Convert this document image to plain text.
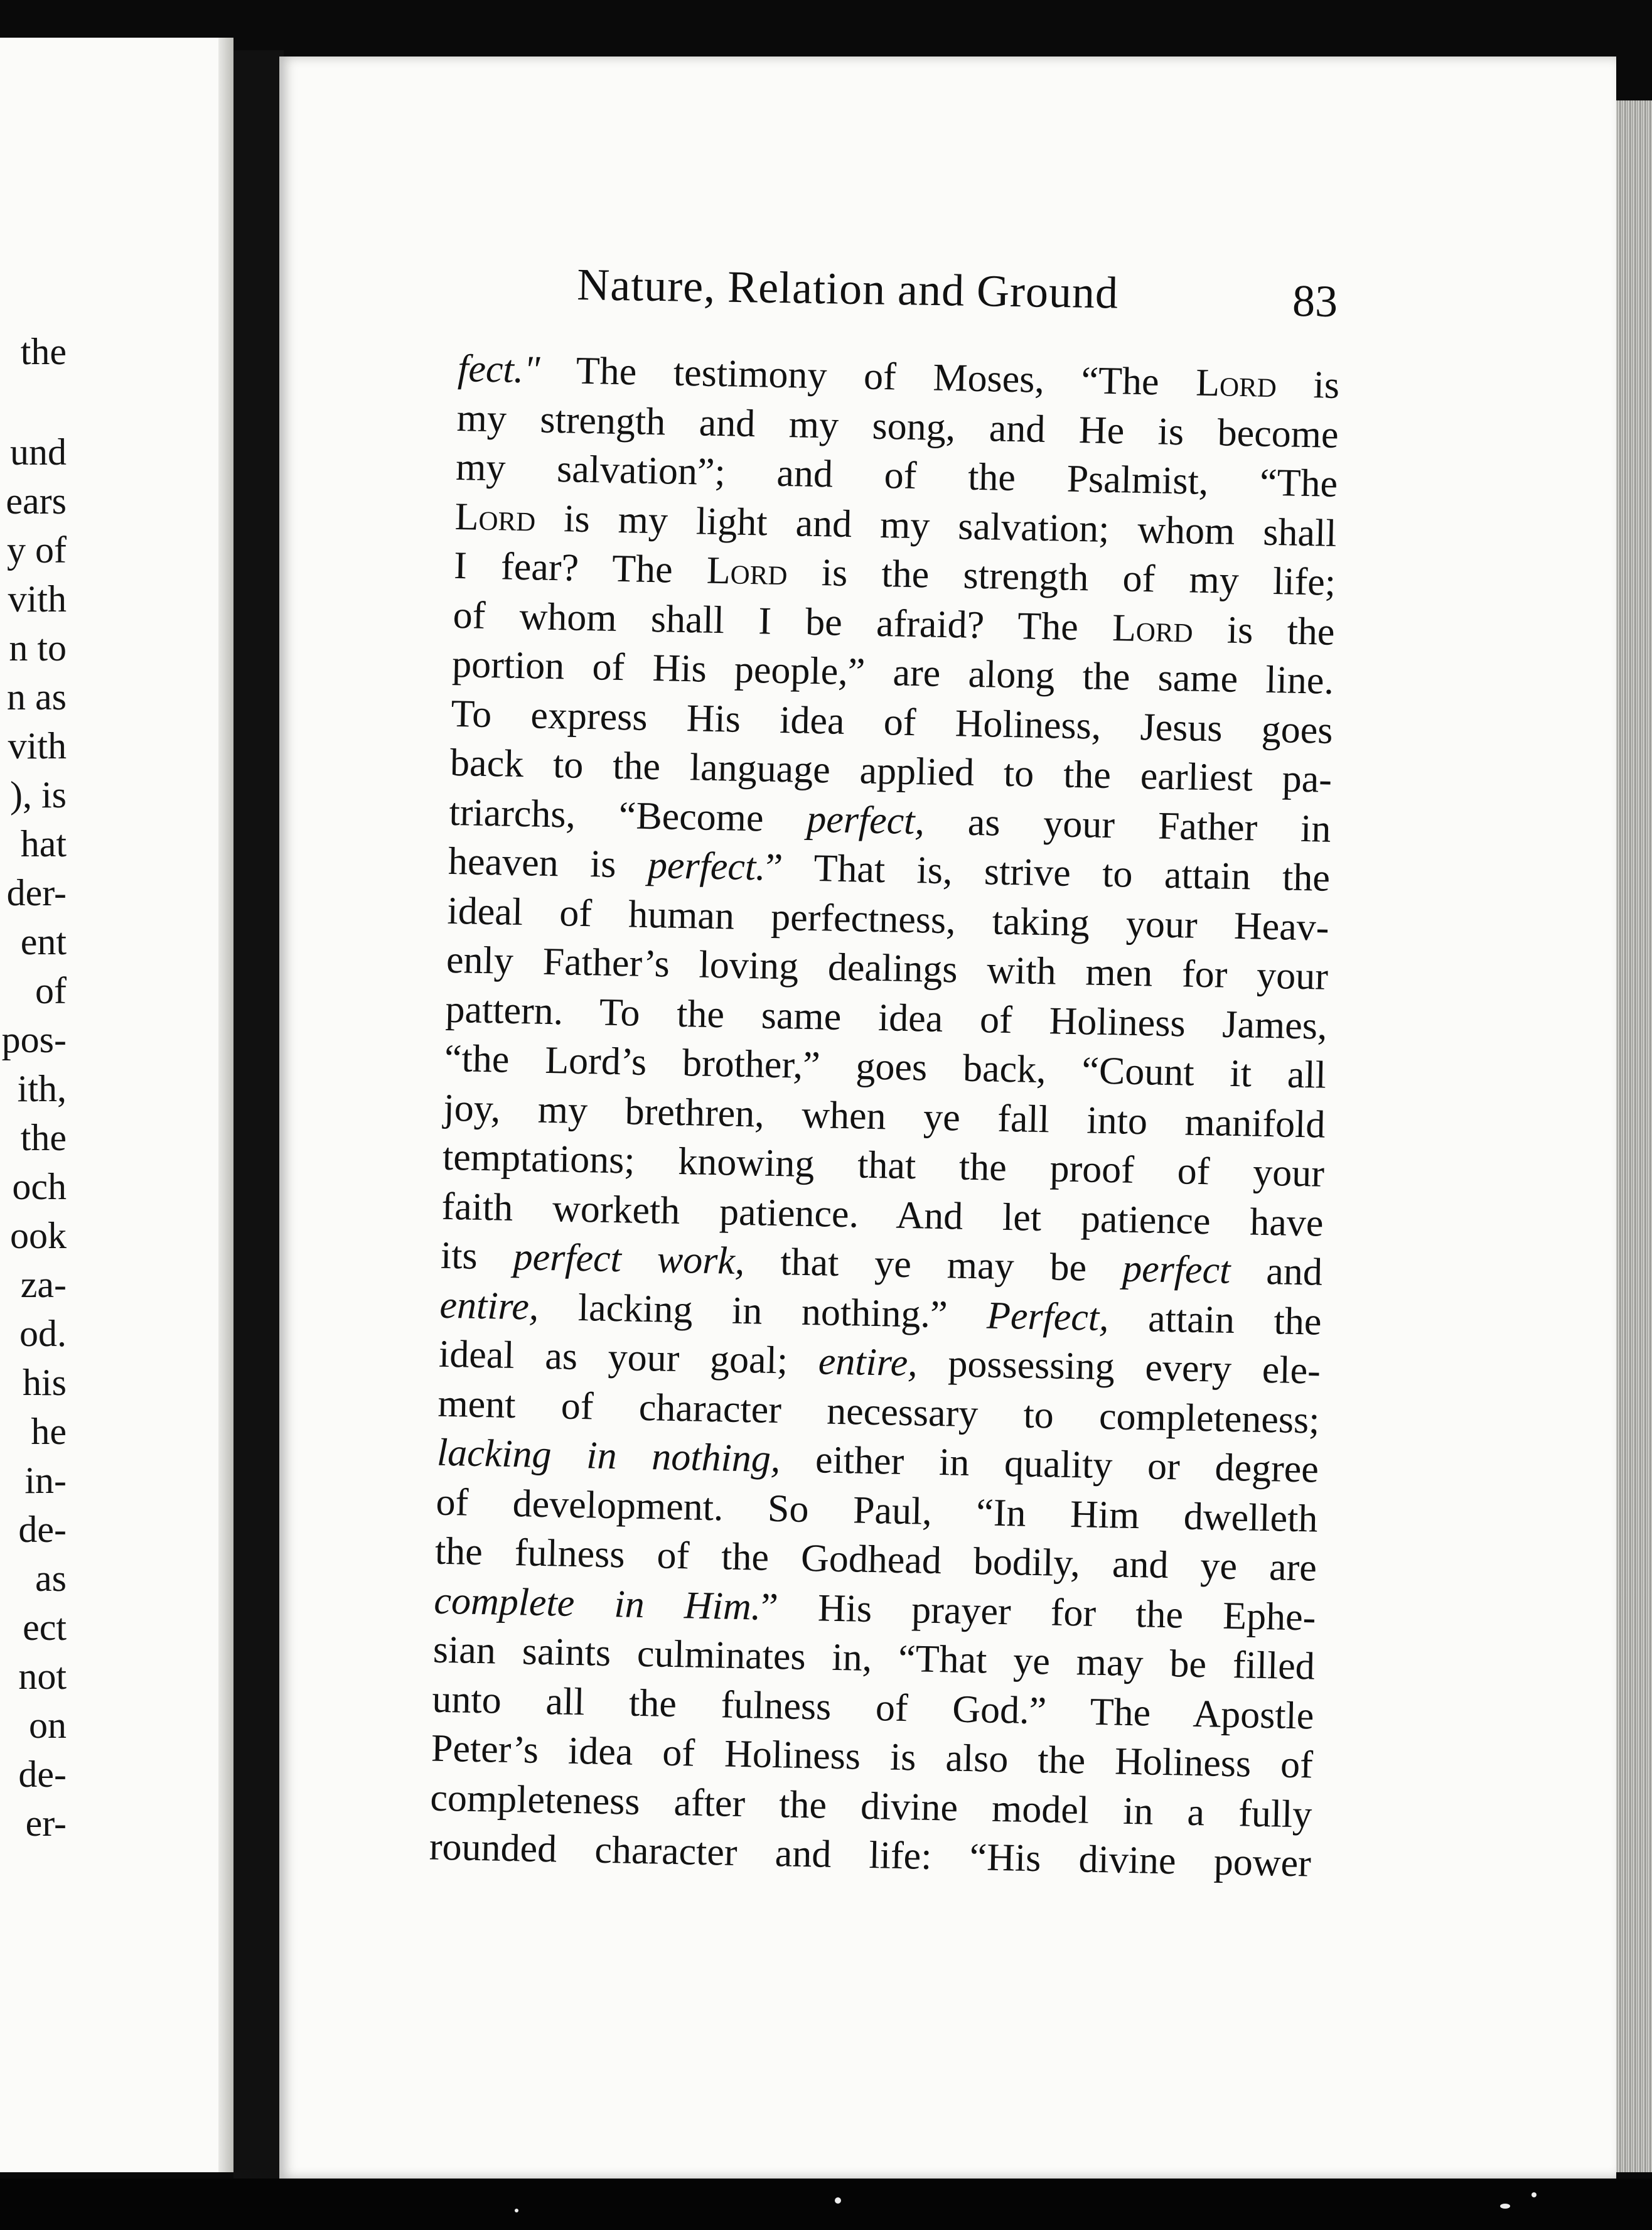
the
und
ears
y of
vith
n to
n as
vith
), is
hat
der-
ent
of
pos-
ith,
the
och
ook
za-
od.
his
he
in-
de-
as
ect
not
on
de-
er-
Nature, Relation and Ground	83
fect." The testimony of Moses, “The Lord is
my strength and my song, and He is become
my salvation”; and of the Psalmist, “The
Lord is my light and my salvation; whom shall
I fear? The Lord is the strength of my life;
of whom shall I be afraid? The Lord is the
portion of His people,” are along the same line.
To express His idea of Holiness, Jesus goes
back to the language applied to the earliest pa-
triarchs, “Become perfect, as your Father in
heaven is perfect.” That is, strive to attain the
ideal of human perfectness, taking your Heav-
enly Father’s loving dealings with men for your
pattern. To the same idea of Holiness James,
“the Lord’s brother,” goes back, “Count it all
joy, my brethren, when ye fall into manifold
temptations; knowing that the proof of your
faith worketh patience. And let patience have
its perfect work, that ye may be perfect and
entire, lacking in nothing.” Perfect, attain the
ideal as your goal; entire, possessing every ele-
ment of character necessary to completeness;
lacking in nothing, either in quality or degree
of development. So Paul, “In Him dwelleth
the fulness of the Godhead bodily, and ye are
complete in Him.” His prayer for the Ephe-
sian saints culminates in, “That ye may be filled
unto all the fulness of God.” The Apostle
Peter’s idea of Holiness is also the Holiness of
completeness after the divine model in a fully
rounded character and life: “His divine power
